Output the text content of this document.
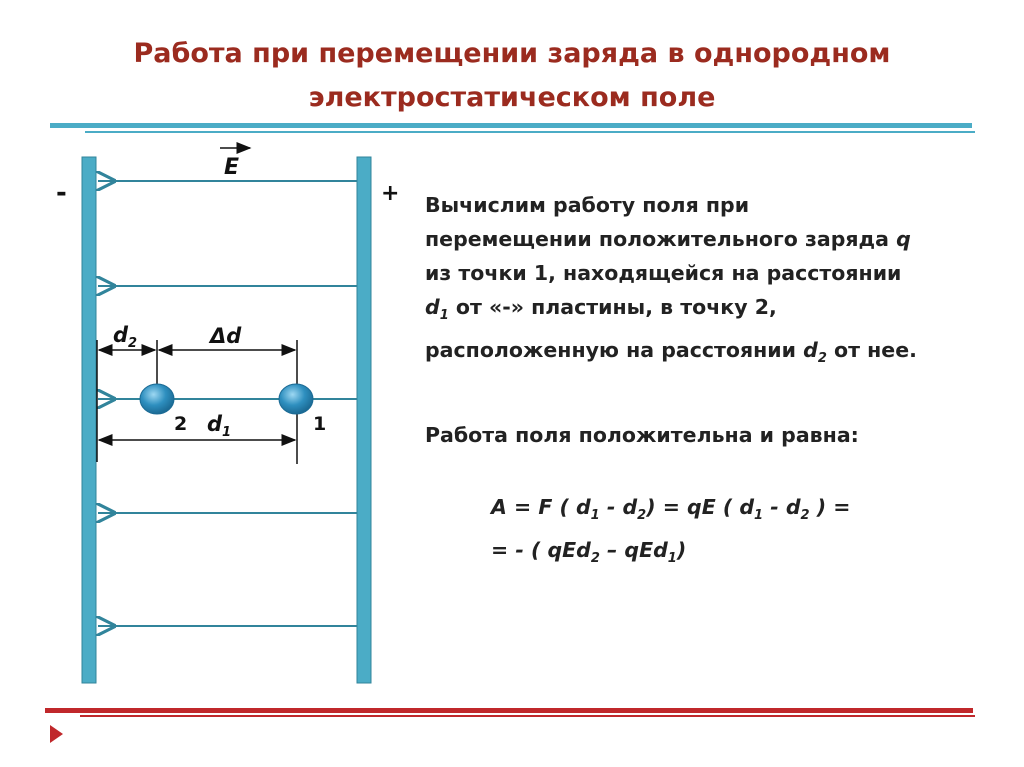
Работа при перемещении заряда в однородном
электростатическом поле
-	+
E
$d_2$	Δd
$d_1$
2	1

Вычислим работу поля при

перемещении положительного заряда q

из точки 1, находящейся на расстоянии

$d_1$ от «-» пластины, в точку 2,

расположенную на расстоянии $d_2$ от нее.

Работа поля положительна и равна:
A = F ( $d_1 - d_2$) = qE ( $d_1 - d_2$ ) =
= - ( qEd$_2$ – qEd$_1$)
